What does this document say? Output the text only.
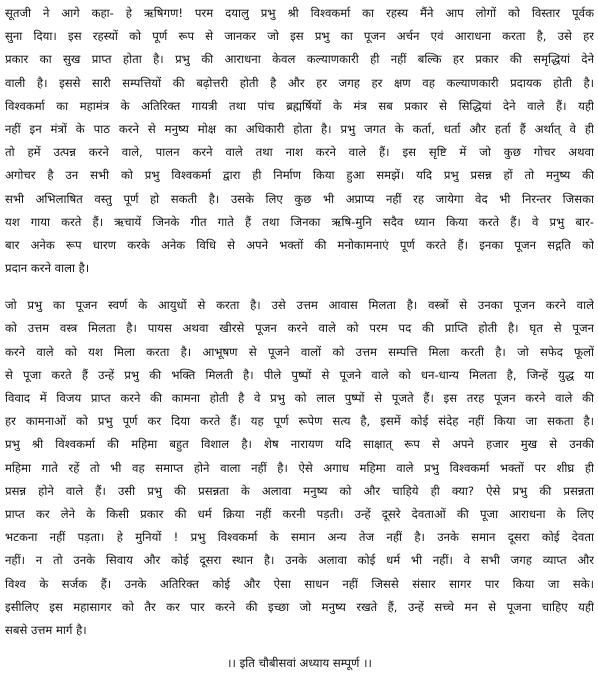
सूतजी ने आगे कहा- हे ऋषिगण! परम दयालु प्रभु श्री विश्वकर्मा का रहस्य मैंने आप लोगों को विस्तार पूर्वक
सुना दिया। इस रहस्यों को पूर्ण रूप से जानकर जो इस प्रभु का पूजन अर्चन एवं आराधना करता है, उसे हर
प्रकार का सुख प्राप्त होता है। प्रभु की आराधना केवल कल्याणकारी ही नहीं बल्कि हर प्रकार की समृद्धियां देने
वाली है। इससे सारी सम्पत्तियों की बढ़ोत्तरी होती है और हर जगह हर क्षण वह कल्याणकारी प्रदायक होती है।
विश्वकर्मा का महामंत्र के अतिरिक्त गायत्री तथा पांच ब्रह्मर्षियों के मंत्र सब प्रकार से सिद्धियां देने वाले हैं। यही
नहीं इन मंत्रों के पाठ करने से मनुष्य मोक्ष का अधिकारी होता है। प्रभु जगत के कर्ता, धर्ता और हर्ता हैं अर्थात् वे ही
तो हमें उत्पन्न करने वाले, पालन करने वाले तथा नाश करने वाले हैं। इस सृष्टि में जो कुछ गोचर अथवा
अगोचर है उन सभी को प्रभु विश्वकर्मा द्वारा ही निर्माण किया हुआ समझें। यदि प्रभु प्रसन्न हों तो मनुष्य की
सभी अभिलाषित वस्तु पूर्ण हो सकती है। उसके लिए कुछ भी अप्राप्य नहीं रह जायेगा वेद भी निरन्तर जिसका
यश गाया करते हैं। ऋचायें जिनके गीत गाते हैं तथा जिनका ऋषि-मुनि सदैव ध्यान किया करते हैं। वे प्रभु बार-
बार अनेक रूप धारण करके अनेक विधि से अपने भक्तों की मनोकामनाएं पूर्ण करते हैं। इनका पूजन सद्गति को
प्रदान करने वाला है।
जो प्रभु का पूजन स्वर्ण के आयुधों से करता है। उसे उत्तम आवास मिलता है। वस्त्रों से उनका पूजन करने वाले
को उत्तम वस्त्र मिलता है। पायस अथवा खीरसे पूजन करने वाले को परम पद की प्राप्ति होती है। घृत से पूजन
करने वाले को यश मिला करता है। आभूषण से पूजने वालों को उत्तम सम्पत्ति मिला करती है। जो सफेद फूलों
से पूजा करते हैं उन्हें प्रभु की भक्ति मिलती है। पीले पुष्पों से पूजने वाले को धन-धान्य मिलता है, जिन्हें युद्ध या
विवाद में विजय प्राप्त करने की कामना होती है वे प्रभु को लाल पुष्पों से पूजते हैं। इस तरह पूजन करने वाले की
हर कामनाओं को प्रभु पूर्ण कर दिया करते हैं। यह पूर्ण रूपेण सत्य है, इसमें कोई संदेह नहीं किया जा सकता है।
प्रभु श्री विश्वकर्मा की महिमा बहुत विशाल है। शेष नारायण यदि साक्षात् रूप से अपने हजार मुख से उनकी
महिमा गाते रहें तो भी वह समाप्त होने वाला नहीं है। ऐसे अगाध महिमा वाले प्रभु विश्वकर्मा भक्तों पर शीघ्र ही
प्रसन्न होने वाले हैं। उसी प्रभु की प्रसन्नता के अलावा मनुष्य को और चाहिये ही क्या? ऐसे प्रभु की प्रसन्नता
प्राप्त कर लेने के किसी प्रकार की धर्म क्रिया नहीं करनी पड़ती। उन्हें दूसरे देवताओं की पूजा आराधना के लिए
भटकना नहीं पड़ता। हे मुनियों ! प्रभु विश्वकर्मा के समान अन्य तेज नहीं है। उनके समान दूसरा कोई देवता
नहीं। न तो उनके सिवाय और कोई दूसरा स्थान है। उनके अलावा कोई धर्म भी नहीं। वे सभी जगह व्याप्त और
विश्व के सर्जक हैं। उनके अतिरिक्त कोई और ऐसा साधन नहीं जिससे संसार सागर पार किया जा सके।
इसीलिए इस महासागर को तैर कर पार करने की इच्छा जो मनुष्य रखते हैं, उन्हें सच्चे मन से पूजना चाहिए यही
सबसे उत्तम मार्ग है।
।। इति चौबीसवां अध्याय सम्पूर्ण ।।
